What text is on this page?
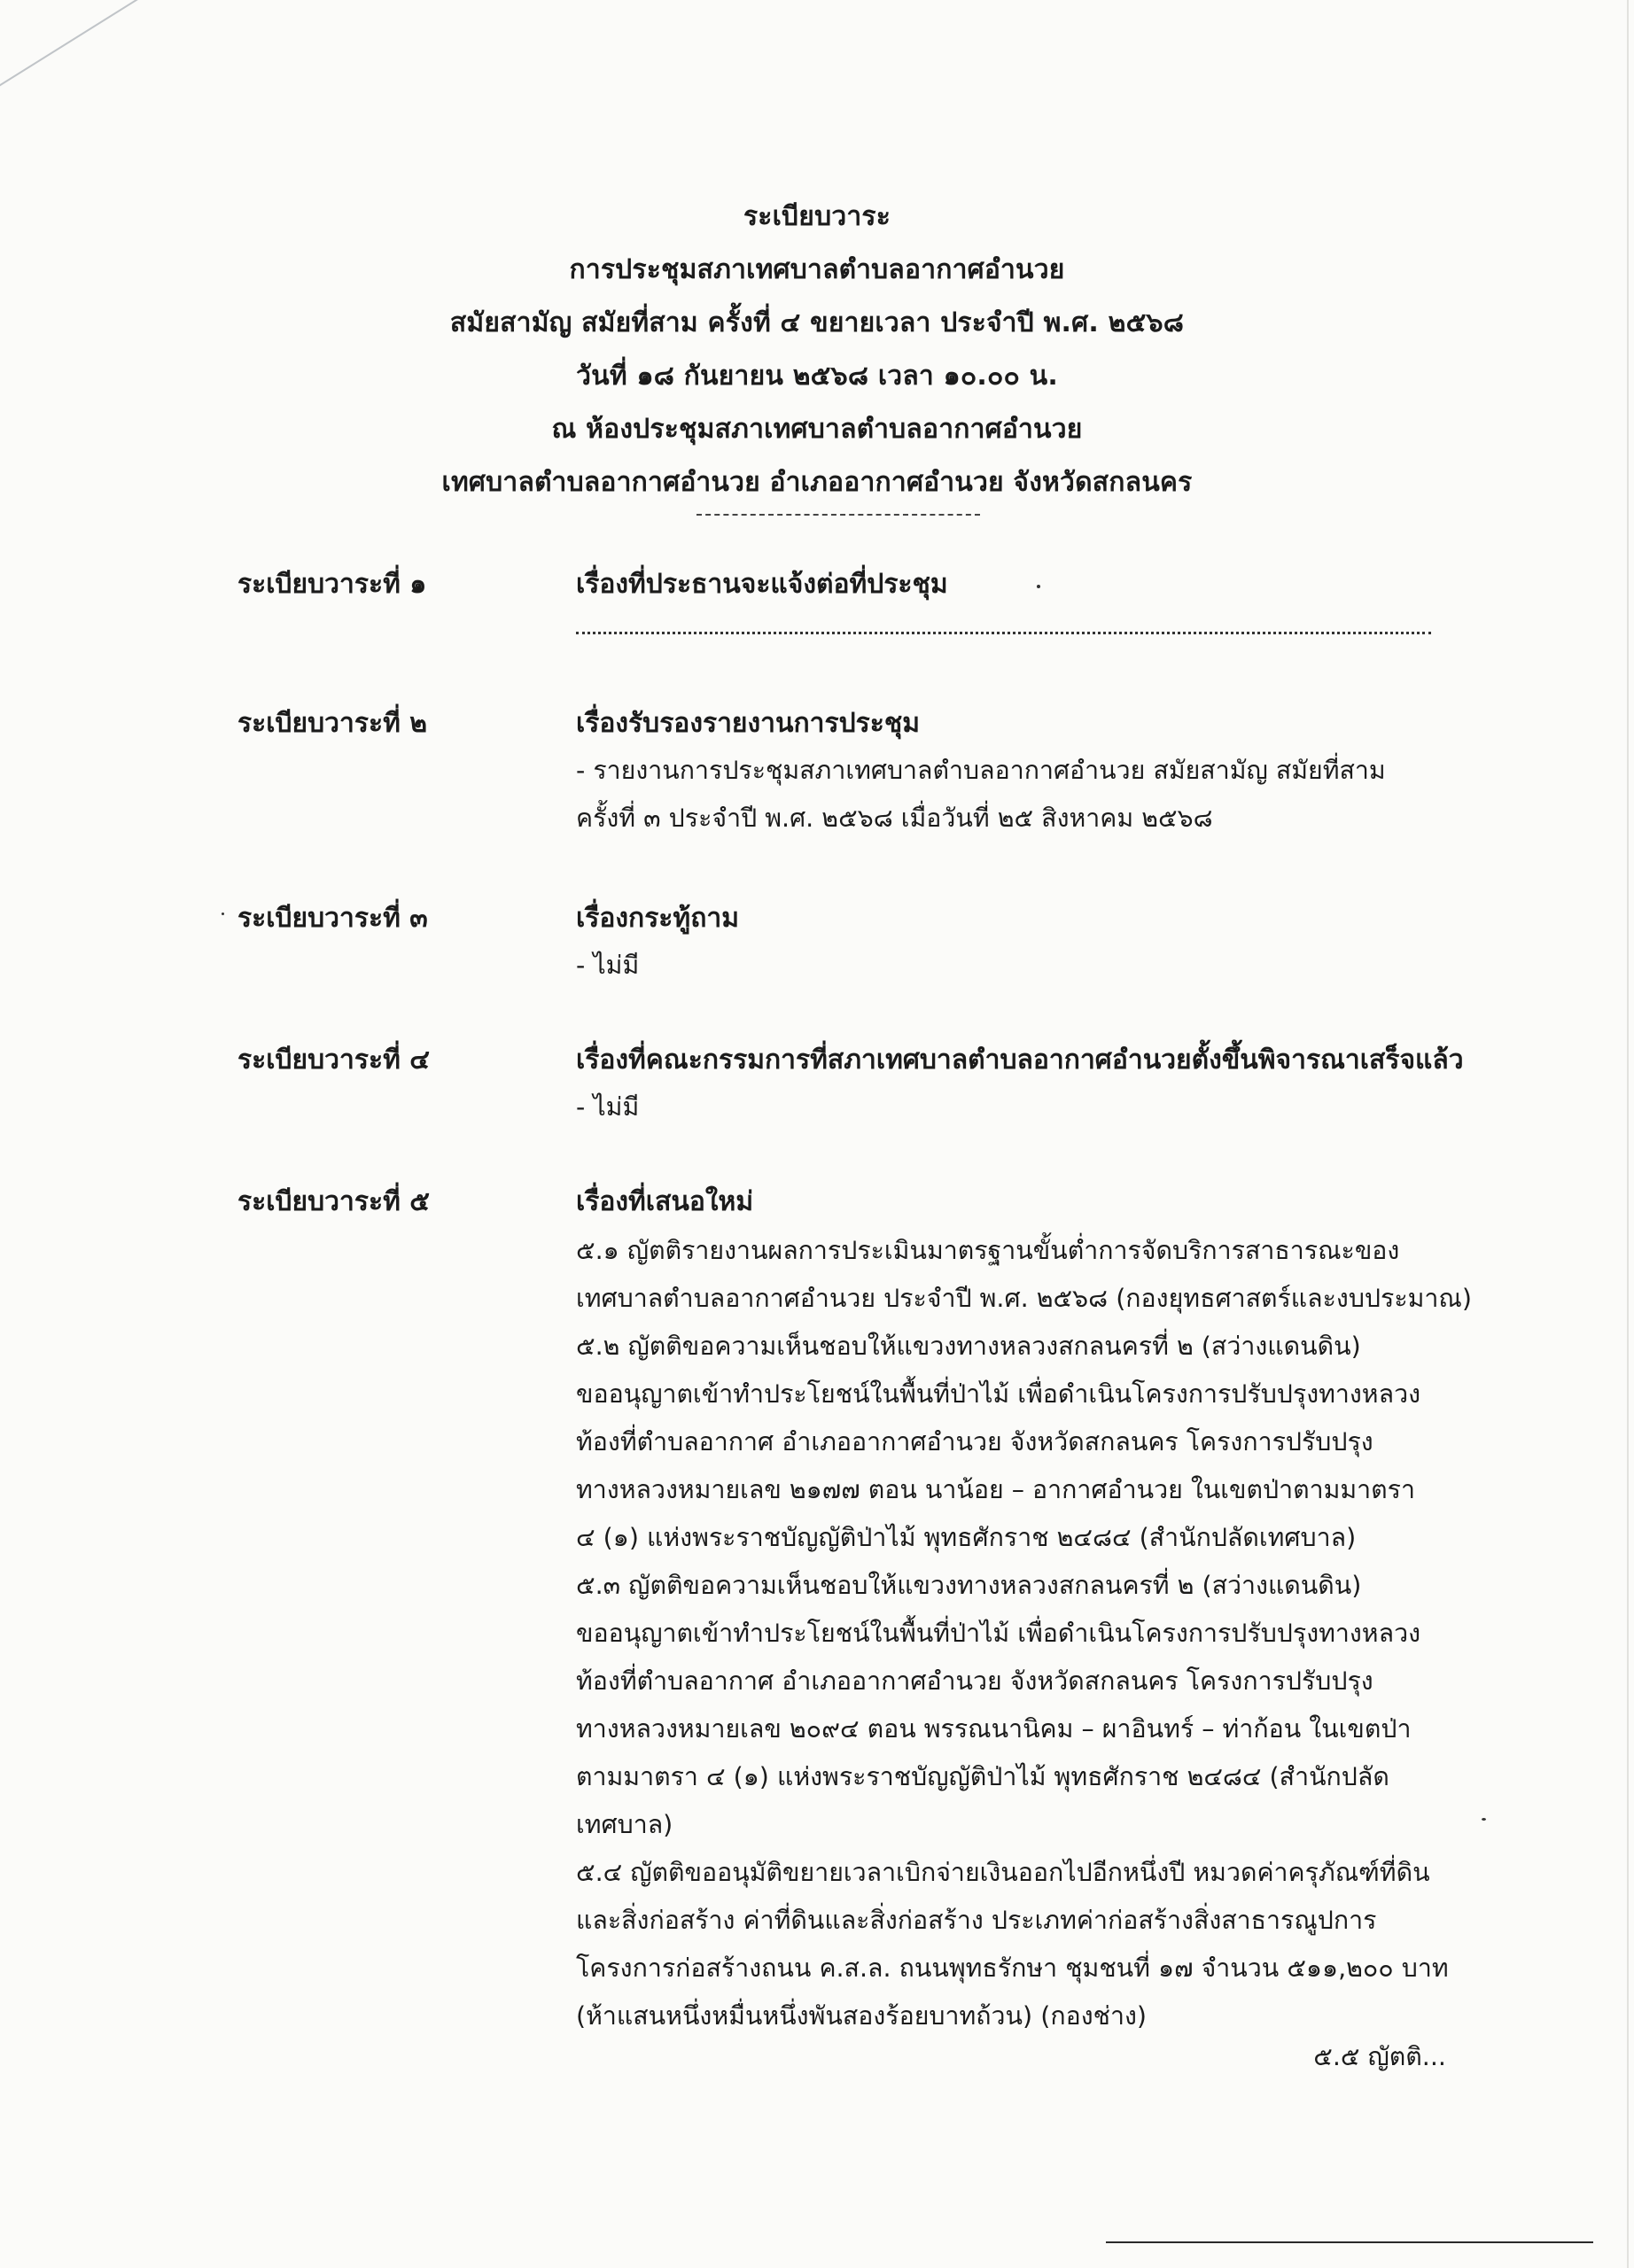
ระเบียบวาระ
การประชุมสภาเทศบาลตำบลอากาศอำนวย
สมัยสามัญ สมัยที่สาม ครั้งที่ ๔ ขยายเวลา ประจำปี พ.ศ. ๒๕๖๘
วันที่ ๑๘ กันยายน ๒๕๖๘ เวลา ๑๐.๐๐ น.
ณ ห้องประชุมสภาเทศบาลตำบลอากาศอำนวย
เทศบาลตำบลอากาศอำนวย อำเภออากาศอำนวย จังหวัดสกลนคร
ระเบียบวาระที่ ๑	เรื่องที่ประธานจะแจ้งต่อที่ประชุม
ระเบียบวาระที่ ๒	เรื่องรับรองรายงานการประชุม
- รายงานการประชุมสภาเทศบาลตำบลอากาศอำนวย สมัยสามัญ สมัยที่สาม
ครั้งที่ ๓ ประจำปี พ.ศ. ๒๕๖๘ เมื่อวันที่ ๒๕ สิงหาคม ๒๕๖๘
ระเบียบวาระที่ ๓	เรื่องกระทู้ถาม
- ไม่มี
ระเบียบวาระที่ ๔	เรื่องที่คณะกรรมการที่สภาเทศบาลตำบลอากาศอำนวยตั้งขึ้นพิจารณาเสร็จแล้ว
- ไม่มี
ระเบียบวาระที่ ๕	เรื่องที่เสนอใหม่
๕.๑ ญัตติรายงานผลการประเมินมาตรฐานขั้นต่ำการจัดบริการสาธารณะของ
เทศบาลตำบลอากาศอำนวย ประจำปี พ.ศ. ๒๕๖๘ (กองยุทธศาสตร์และงบประมาณ)
๕.๒ ญัตติขอความเห็นชอบให้แขวงทางหลวงสกลนครที่ ๒ (สว่างแดนดิน)
ขออนุญาตเข้าทำประโยชน์ในพื้นที่ป่าไม้ เพื่อดำเนินโครงการปรับปรุงทางหลวง
ท้องที่ตำบลอากาศ อำเภออากาศอำนวย จังหวัดสกลนคร โครงการปรับปรุง
ทางหลวงหมายเลข ๒๑๗๗ ตอน นาน้อย – อากาศอำนวย ในเขตป่าตามมาตรา
๔ (๑) แห่งพระราชบัญญัติป่าไม้ พุทธศักราช ๒๔๘๔ (สำนักปลัดเทศบาล)
๕.๓ ญัตติขอความเห็นชอบให้แขวงทางหลวงสกลนครที่ ๒ (สว่างแดนดิน)
ขออนุญาตเข้าทำประโยชน์ในพื้นที่ป่าไม้ เพื่อดำเนินโครงการปรับปรุงทางหลวง
ท้องที่ตำบลอากาศ อำเภออากาศอำนวย จังหวัดสกลนคร โครงการปรับปรุง
ทางหลวงหมายเลข ๒๐๙๔ ตอน พรรณนานิคม – ผาอินทร์ – ท่าก้อน ในเขตป่า
ตามมาตรา ๔ (๑) แห่งพระราชบัญญัติป่าไม้ พุทธศักราช ๒๔๘๔ (สำนักปลัด
เทศบาล)
๕.๔ ญัตติขออนุมัติขยายเวลาเบิกจ่ายเงินออกไปอีกหนึ่งปี หมวดค่าครุภัณฑ์ที่ดิน
และสิ่งก่อสร้าง ค่าที่ดินและสิ่งก่อสร้าง ประเภทค่าก่อสร้างสิ่งสาธารณูปการ
โครงการก่อสร้างถนน ค.ส.ล. ถนนพุทธรักษา ชุมชนที่ ๑๗ จำนวน ๕๑๑,๒๐๐ บาท
(ห้าแสนหนึ่งหมื่นหนึ่งพันสองร้อยบาทถ้วน) (กองช่าง)
๕.๕ ญัตติ...
